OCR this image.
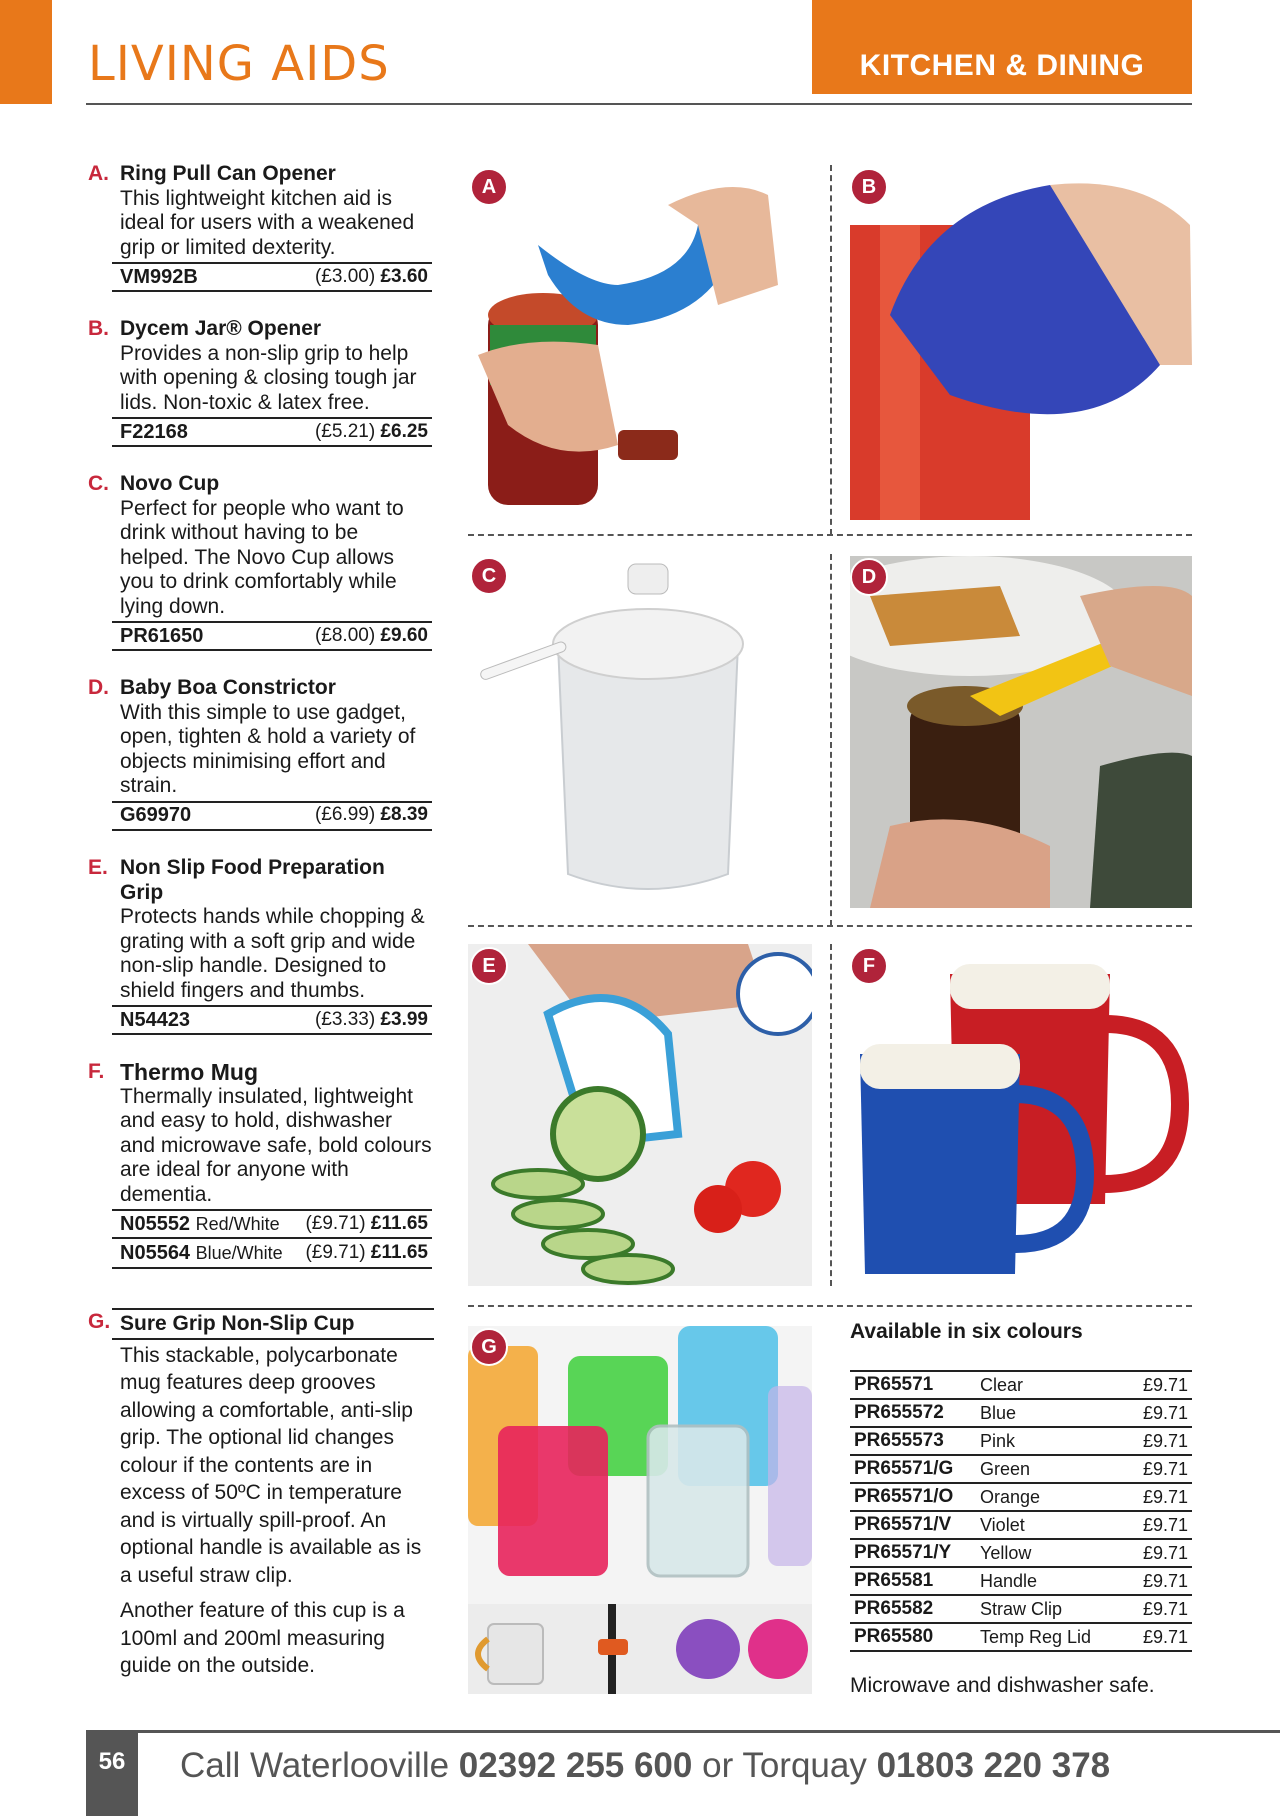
LIVING AIDS	KITCHEN & DINING
A. Ring Pull Can Opener
This lightweight kitchen aid is ideal for users with a weakened grip or limited dexterity.
VM992B	(£3.00) £3.60
B. Dycem Jar® Opener
Provides a non-slip grip to help with opening & closing tough jar lids. Non-toxic & latex free.
F22168	(£5.21) £6.25
C. Novo Cup
Perfect for people who want to drink without having to be helped. The Novo Cup allows you to drink comfortably while lying down.
PR61650	(£8.00) £9.60
D. Baby Boa Constrictor
With this simple to use gadget, open, tighten & hold a variety of objects minimising effort and strain.
G69970	(£6.99) £8.39
E. Non Slip Food Preparation Grip
Protects hands while chopping & grating with a soft grip and wide non-slip handle. Designed to shield fingers and thumbs.
N54423	(£3.33) £3.99
F. Thermo Mug
Thermally insulated, lightweight and easy to hold, dishwasher and microwave safe, bold colours are ideal for anyone with dementia.
N05552 Red/White (£9.71) £11.65
N05564 Blue/White (£9.71) £11.65
G. Sure Grip Non-Slip Cup
This stackable, polycarbonate mug features deep grooves allowing a comfortable, anti-slip grip. The optional lid changes colour if the contents are in excess of 50ºC in temperature and is virtually spill-proof. An optional handle is available as is a useful straw clip.
Another feature of this cup is a 100ml and 200ml measuring guide on the outside.
A	B
C	D
E	F
G
Available in six colours
PR65571	Clear	£9.71
PR655572	Blue	£9.71
PR655573	Pink	£9.71
PR65571/G	Green	£9.71
PR65571/O	Orange	£9.71
PR65571/V	Violet	£9.71
PR65571/Y	Yellow	£9.71
PR65581	Handle	£9.71
PR65582	Straw Clip	£9.71
PR65580	Temp Reg Lid	£9.71
Microwave and dishwasher safe.
56	Call Waterlooville 02392 255 600 or Torquay 01803 220 378
